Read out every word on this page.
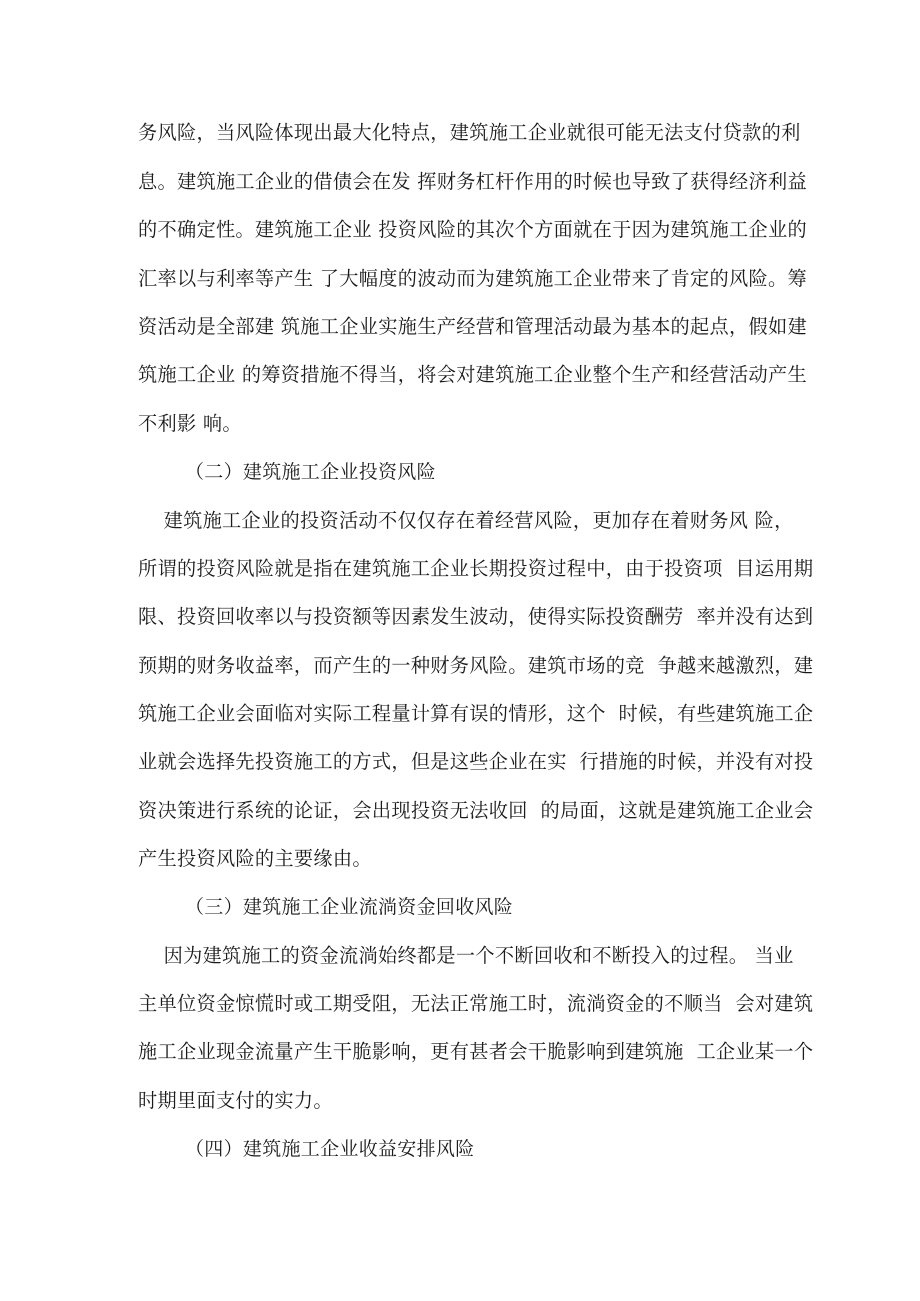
务风险，当风险体现出最大化特点，建筑施工企业就很可能无法支付贷款的利
息。建筑施工企业的借债会在发 挥财务杠杆作用的时候也导致了获得经济利益
的不确定性。建筑施工企业 投资风险的其次个方面就在于因为建筑施工企业的
汇率以与利率等产生 了大幅度的波动而为建筑施工企业带来了肯定的风险。筹
资活动是全部建 筑施工企业实施生产经营和管理活动最为基本的起点，假如建
筑施工企业 的筹资措施不得当，将会对建筑施工企业整个生产和经营活动产生
不利影 响。
（二）建筑施工企业投资风险
建筑施工企业的投资活动不仅仅存在着经营风险，更加存在着财务风 险，
所谓的投资风险就是指在建筑施工企业长期投资过程中，由于投资项  目运用期
限、投资回收率以与投资额等因素发生波动，使得实际投资酬劳  率并没有达到
预期的财务收益率，而产生的一种财务风险。建筑市场的竞  争越来越激烈，建
筑施工企业会面临对实际工程量计算有误的情形，这个  时候，有些建筑施工企
业就会选择先投资施工的方式，但是这些企业在实  行措施的时候，并没有对投
资决策进行系统的论证，会出现投资无法收回  的局面，这就是建筑施工企业会
产生投资风险的主要缘由。
（三）建筑施工企业流淌资金回收风险
因为建筑施工的资金流淌始终都是一个不断回收和不断投入的过程。 当业
主单位资金惊慌时或工期受阻，无法正常施工时，流淌资金的不顺当  会对建筑
施工企业现金流量产生干脆影响，更有甚者会干脆影响到建筑施  工企业某一个
时期里面支付的实力。
（四）建筑施工企业收益安排风险
